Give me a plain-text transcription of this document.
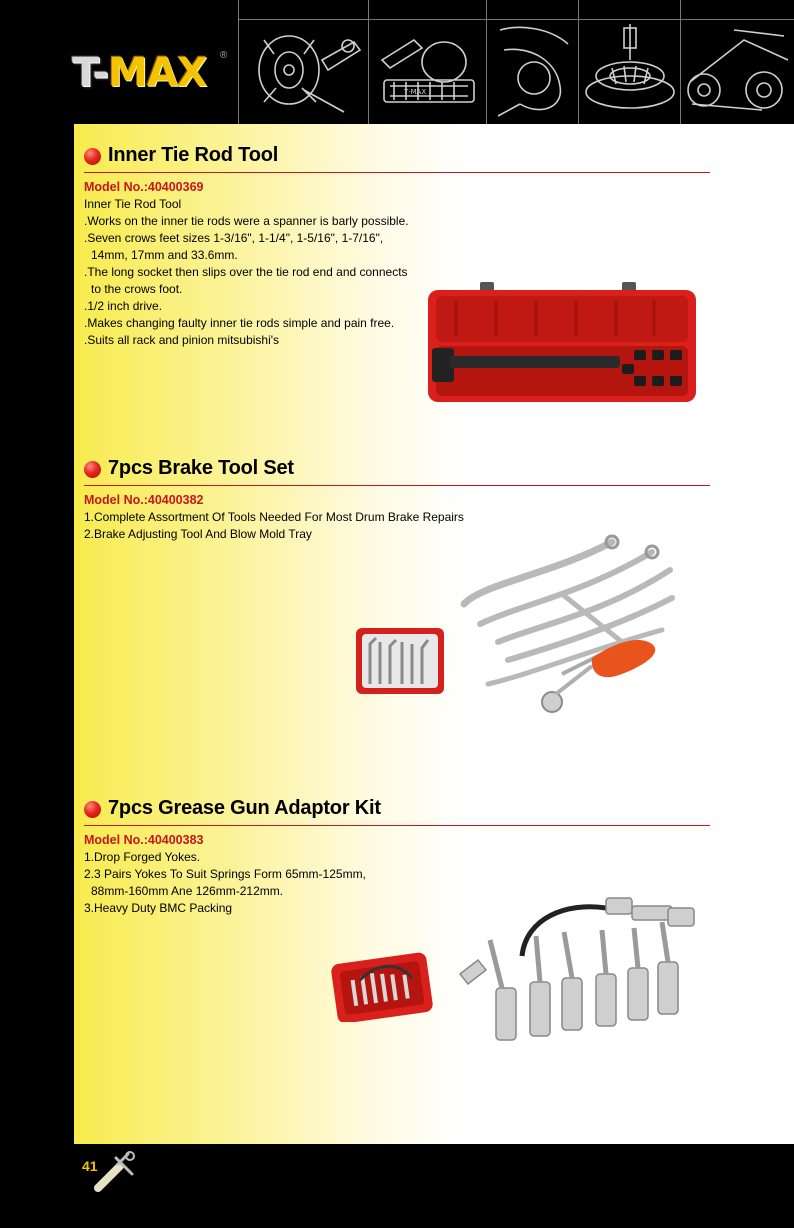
T-MAX ®
T·MAX
Inner Tie Rod Tool
Model No.:40400369
Inner Tie Rod Tool
.Works on the inner tie rods were a spanner is barly possible.
.Seven crows feet sizes 1-3/16", 1-1/4", 1-5/16", 1-7/16",
14mm, 17mm and 33.6mm.
.The long socket then slips over the tie rod end and connects
to the crows foot.
.1/2 inch drive.
.Makes changing faulty inner tie rods simple and pain free.
.Suits all rack and pinion mitsubishi's
7pcs Brake Tool Set
Model No.:40400382
1.Complete Assortment Of Tools Needed For Most Drum Brake Repairs
2.Brake Adjusting Tool And Blow Mold Tray
7pcs Grease Gun Adaptor Kit
Model No.:40400383
1.Drop Forged Yokes.
2.3 Pairs Yokes To Suit Springs Form 65mm-125mm,
88mm-160mm Ane 126mm-212mm.
3.Heavy Duty BMC Packing
41
